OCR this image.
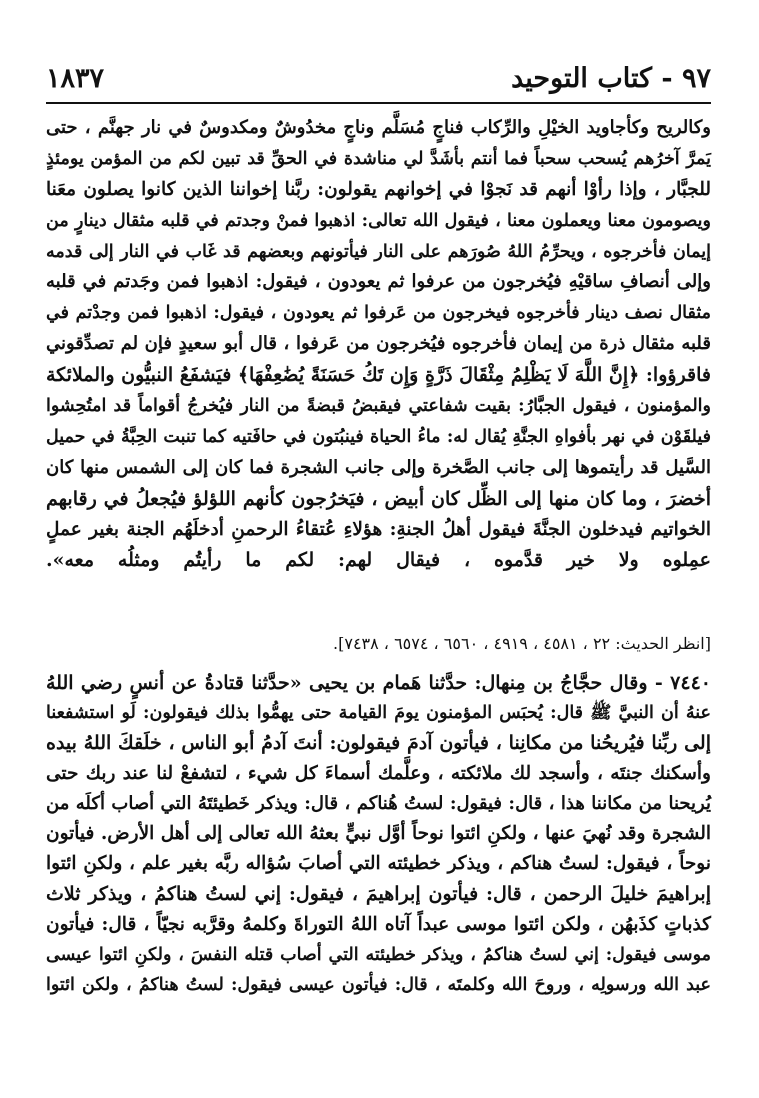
١٨٣٧	٩٧ - كتاب التوحيد
وكالريح وكأجاويد الخيْلِ والرِّكاب فناجٍ مُسَلَّم وناجٍ مخدُوشٌ ومكدوسٌ في نار جهنَّم ، حتى
يَمرَّ آخرُهم يُسحب سحباً فما أنتم بأشَدَّ لي مناشدة في الحقِّ قد تبين لكم من المؤمن يومئذٍ
للجبَّار ، وإذا رأوْا أنهم قد نَجوْا في إخوانهم يقولون: ربَّنا إخواننا الذين كانوا يصلون معَنا
ويصومون معنا ويعملون معنا ، فيقول الله تعالى: اذهبوا فمنْ وجدتم في قلبه مثقال دينارٍ من
إيمان فأخرجوه ، ويحرِّمُ اللهُ صُورَهم على النار فيأتونهم وبعضهم قد غَاب في النار إلى قدمه
وإلى أنصافِ ساقيْهِ فيُخرجون من عرفوا ثم يعودون ، فيقول: اذهبوا فمن وجَدتم في قلبه
مثقال نصف دينار فأخرجوه فيخرجون من عَرفوا ثم يعودون ، فيقول: اذهبوا فمن وجدْتم في
قلبه مثقال ذرة من إيمان فأخرجوه فيُخرجون من عَرفوا ، قال أبو سعيدٍ فإن لم تصدِّقوني
فاقرؤوا: ﴿إِنَّ اللَّهَ لَا يَظْلِمُ مِثْقَالَ ذَرَّةٍ وَإِن تَكُ حَسَنَةً يُضَٰعِفْهَا﴾ فيَشفَعُ النبيُّون والملائكة
والمؤمنون ، فيقول الجبَّارُ: بقيت شفاعتي فيقبضُ قبضةً من النار فيُخرجُ أقواماً قد امتُحِشوا
فيلقَوْن في نهر بأفواهِ الجنَّةِ يُقال له: ماءُ الحياة فينبُتون في حافَتيه كما تنبت الحِبَّةُ في حميل
السَّيل قد رأيتموها إلى جانب الصَّخرة وإلى جانب الشجرة فما كان إلى الشمس منها كان
أخضرَ ، وما كان منها إلى الظِّل كان أبيض ، فيَخرُجون كأنهم اللؤلؤ فيُجعلُ في رقابهم
الخواتيم فيدخلون الجنَّةَ فيقول أهلُ الجنةِ: هؤلاءِ عُتقاءُ الرحمنِ أدخلَهُم الجنة بغير عملٍ
عمِلوه ولا خير قدَّموه ، فيقال لهم: لكم ما رأيتُم ومثلُه معه».
[انظر الحديث: ٢٢ ، ٤٥٨١ ، ٤٩١٩ ، ٦٥٦٠ ، ٦٥٧٤ ، ٧٤٣٨].
٧٤٤٠ - وقال حجَّاجُ بن مِنهال: حدَّثنا هَمام بن يحيى «حدَّثنا قتادةُ عن أنسٍ رضي اللهُ
عنهُ أن النبيَّ ﷺ قال: يُحبَس المؤمنون يومَ القيامة حتى يهمُّوا بذلك فيقولون: لَو استشفعنا
إلى ربِّنا فيُريحُنا من مكانِنا ، فيأتون آدمَ فيقولون: أنتَ آدمُ أبو الناس ، خلَقكَ اللهُ بيده
وأسكنك جنتَه ، وأسجد لك ملائكته ، وعلَّمك أسماءَ كل شيء ، لتشفعْ لنا عند ربك حتى
يُريحنا من مكاننا هذا ، قال: فيقول: لستُ هُناكم ، قال: ويذكر خَطيئتَهُ التي أصاب أكلَه من
الشجرة وقد نُهيَ عنها ، ولكنِ ائتوا نوحاً أوَّل نبيٍّ بعثهُ الله تعالى إلى أهل الأرض. فيأتون
نوحاً ، فيقول: لستُ هناكم ، ويذكر خطيئته التي أصابَ سُؤاله ربَّه بغير علم ، ولكنِ ائتوا
إبراهيمَ خليلَ الرحمن ، قال: فيأتون إبراهيمَ ، فيقول: إني لستُ هناكمُ ، ويذكر ثلاث
كذباتٍ كذَبهُن ، ولكن ائتوا موسى عبداً آتاه اللهُ التوراةَ وكلمهُ وقرَّبه نجيّاً ، قال: فيأتون
موسى فيقول: إني لستُ هناكمُ ، ويذكر خطيئته التي أصاب قتله النفسَ ، ولكنِ ائتوا عيسى
عبد الله ورسولِه ، وروحَ الله وكلمتَه ، قال: فيأتون عيسى فيقول: لستُ هناكمُ ، ولكن ائتوا
